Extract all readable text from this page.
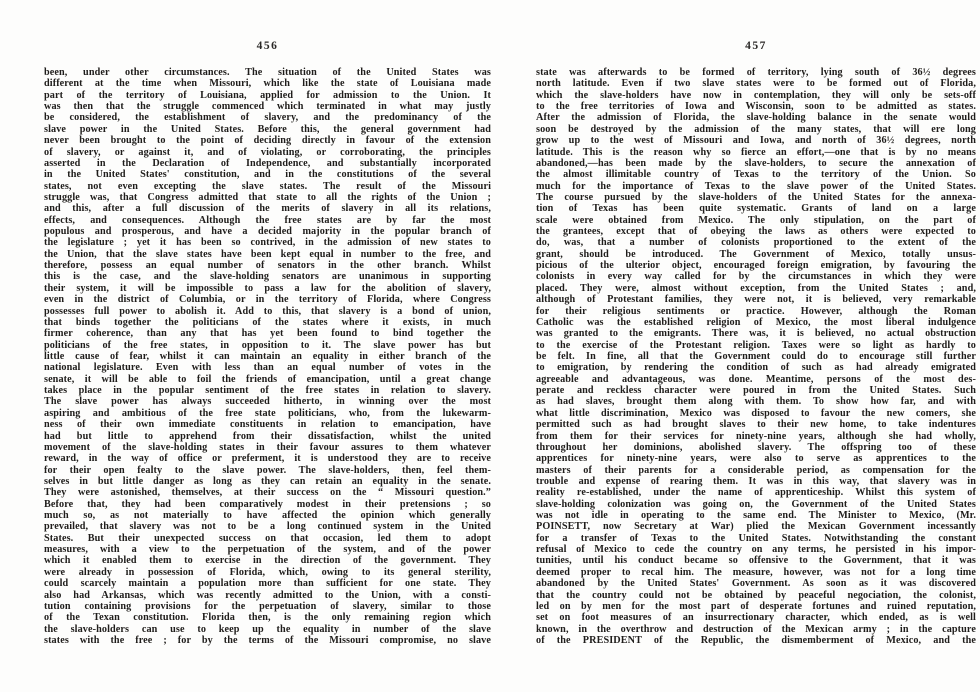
456
been, under other circumstances. The situation of the United States was
different at the time when Missouri, which like the state of Louisiana made
part of the territory of Louisiana, applied for admission to the Union. It
was then that the struggle commenced which terminated in what may justly
be considered, the establishment of slavery, and the predominancy of the
slave power in the United States. Before this, the general government had
never been brought to the point of deciding directly in favour of the extension
of slavery, or against it, and of violating, or corroborating, the principles
asserted in the Declaration of Independence, and substantially incorporated
in the United States' constitution, and in the constitutions of the several
states, not even excepting the slave states. The result of the Missouri
struggle was, that Congress admitted that state to all the rights of the Union ;
and this, after a full discussion of the merits of slavery in all its relations,
effects, and consequences. Although the free states are by far the most
populous and prosperous, and have a decided majority in the popular branch of
the legislature ; yet it has been so contrived, in the admission of new states to
the Union, that the slave states have been kept equal in number to the free, and
therefore, possess an equal number of senators in the other branch. Whilst
this is the case, and the slave-holding senators are unanimous in supporting
their system, it will be impossible to pass a law for the abolition of slavery,
even in the district of Columbia, or in the territory of Florida, where Congress
possesses full power to abolish it. Add to this, that slavery is a bond of union,
that binds together the politicians of the states where it exists, in much
firmer coherence, than any that has yet been found to bind together the
politicians of the free states, in opposition to it. The slave power has but
little cause of fear, whilst it can maintain an equality in either branch of the
national legislature. Even with less than an equal number of votes in the
senate, it will be able to foil the friends of emancipation, until a great change
takes place in the popular sentiment of the free states in relation to slavery.
The slave power has always succeeded hitherto, in winning over the most
aspiring and ambitious of the free state politicians, who, from the lukewarm-
ness of their own immediate constituents in relation to emancipation, have
had but little to apprehend from their dissatisfaction, whilst the united
movement of the slave-holding states in their favour assures to them whatever
reward, in the way of office or preferment, it is understood they are to receive
for their open fealty to the slave power. The slave-holders, then, feel them-
selves in but little danger as long as they can retain an equality in the senate.
They were astonished, themselves, at their success on the “ Missouri question.”
Before that, they had been comparatively modest in their pretensions ; so
much so, as not materially to have affected the opinion which generally
prevailed, that slavery was not to be a long continued system in the United
States. But their unexpected success on that occasion, led them to adopt
measures, with a view to the perpetuation of the system, and of the power
which it enabled them to exercise in the direction of the government. They
were already in possession of Florida, which, owing to its general sterility,
could scarcely maintain a population more than sufficient for one state. They
also had Arkansas, which was recently admitted to the Union, with a consti-
tution containing provisions for the perpetuation of slavery, similar to those
of the Texan constitution. Florida then, is the only remaining region which
the slave-holders can use to keep up the equality in number of the slave
states with the free ; for by the terms of the Missouri compromise, no slave
457
state was afterwards to be formed of territory, lying south of 36½ degrees
north latitude. Even if two slave states were to be formed out of Florida,
which the slave-holders have now in contemplation, they will only be sets-off
to the free territories of Iowa and Wisconsin, soon to be admitted as states.
After the admission of Florida, the slave-holding balance in the senate would
soon be destroyed by the admission of the many states, that will ere long
grow up to the west of Missouri and Iowa, and north of 36½ degrees, north
latitude. This is the reason why so fierce an effort,—one that is by no means
abandoned,—has been made by the slave-holders, to secure the annexation of
the almost illimitable country of Texas to the territory of the Union. So
much for the importance of Texas to the slave power of the United States.
The course pursued by the slave-holders of the United States for the annexa-
tion of Texas has been quite systematic. Grants of land on a large
scale were obtained from Mexico. The only stipulation, on the part of
the grantees, except that of obeying the laws as others were expected to
do, was, that a number of colonists proportioned to the extent of the
grant, should be introduced. The Government of Mexico, totally unsus-
picious of the ulterior object, encouraged foreign emigration, by favouring the
colonists in every way called for by the circumstances in which they were
placed. They were, almost without exception, from the United States ; and,
although of Protestant families, they were not, it is believed, very remarkable
for their religious sentiments or practice. However, although the Roman
Catholic was the established religion of Mexico, the most liberal indulgence
was granted to the emigrants. There was, it is believed, no actual obstruction
to the exercise of the Protestant religion. Taxes were so light as hardly to
be felt. In fine, all that the Government could do to encourage still further
to emigration, by rendering the condition of such as had already emigrated
agreeable and advantageous, was done. Meantime, persons of the most des-
perate and reckless character were poured in from the United States. Such
as had slaves, brought them along with them. To show how far, and with
what little discrimination, Mexico was disposed to favour the new comers, she
permitted such as had brought slaves to their new home, to take indentures
from them for their services for ninety-nine years, although she had wholly,
throughout her dominions, abolished slavery. The offspring too of these
apprentices for ninety-nine years, were also to serve as apprentices to the
masters of their parents for a considerable period, as compensation for the
trouble and expense of rearing them. It was in this way, that slavery was in
reality re-established, under the name of apprenticeship. Whilst this system of
slave-holding colonization was going on, the Government of the United States
was not idle in operating to the same end. The Minister to Mexico, (Mr.
POINSETT, now Secretary at War) plied the Mexican Government incessantly
for a transfer of Texas to the United States. Notwithstanding the constant
refusal of Mexico to cede the country on any terms, he persisted in his impor-
tunities, until his conduct became so offensive to the Government, that it was
deemed proper to recal him. The measure, however, was not for a long time
abandoned by the United States' Government. As soon as it was discovered
that the country could not be obtained by peaceful negociation, the colonist,
led on by men for the most part of desperate fortunes and ruined reputation,
set on foot measures of an insurrectionary character, which ended, as is well
known, in the overthrow and destruction of the Mexican army ; in the capture
of the PRESIDENT of the Republic, the dismemberment of Mexico, and the
